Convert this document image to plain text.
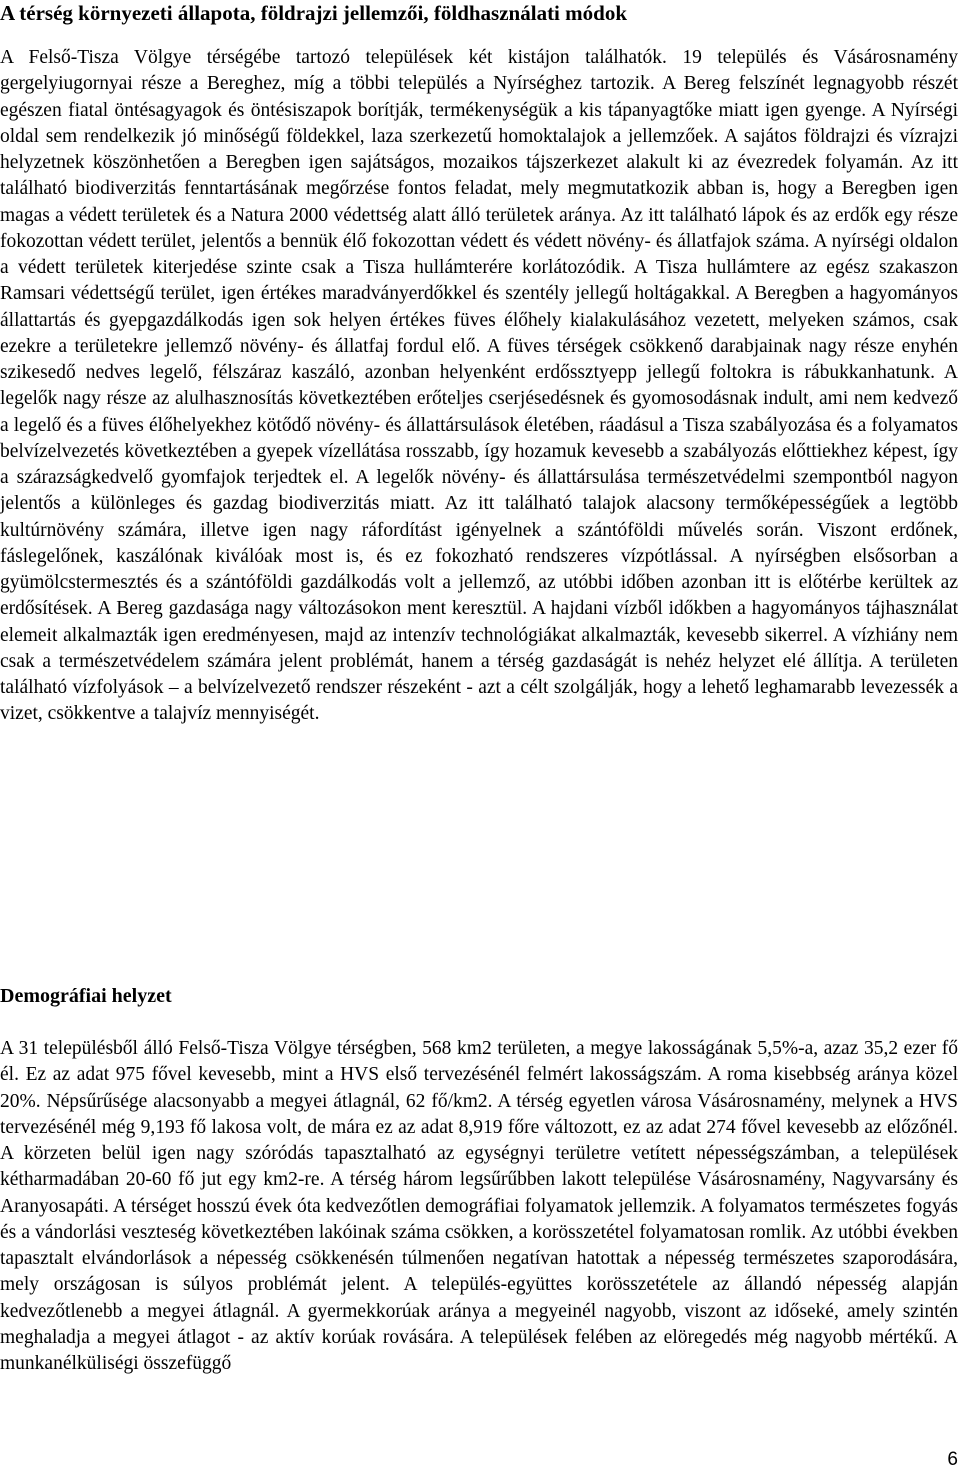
A térség környezeti állapota, földrajzi jellemzői, földhasználati módok

A Felső-Tisza Völgye térségébe tartozó települések két kistájon találhatók. 19 település és Vásárosnamény gergelyiugornyai része a Bereghez, míg a többi település a Nyírséghez tartozik. A Bereg felszínét legnagyobb részét egészen fiatal öntésagyagok és öntésiszapok borítják, termékenységük a kis tápanyagtőke miatt igen gyenge. A Nyírségi oldal sem rendelkezik jó minőségű földekkel, laza szerkezetű homoktalajok a jellemzőek. A sajátos földrajzi és vízrajzi helyzetnek köszönhetően a Beregben igen sajátságos, mozaikos tájszerkezet alakult ki az évezredek folyamán. Az itt található biodiverzitás fenntartásának megőrzése fontos feladat, mely megmutatkozik abban is, hogy a Beregben igen magas a védett területek és a Natura 2000 védettség alatt álló területek aránya. Az itt található lápok és az erdők egy része fokozottan védett terület, jelentős a bennük élő fokozottan védett és védett növény- és állatfajok száma. A nyírségi oldalon a védett területek kiterjedése szinte csak a Tisza hullámterére korlátozódik. A Tisza hullámtere az egész szakaszon Ramsari védettségű terület, igen értékes maradványerdőkkel és szentély jellegű holtágakkal. A Beregben a hagyományos állattartás és gyepgazdálkodás igen sok helyen értékes füves élőhely kialakulásához vezetett, melyeken számos, csak ezekre a területekre jellemző növény- és állatfaj fordul elő. A füves térségek csökkenő darabjainak nagy része enyhén szikesedő nedves legelő, félszáraz kaszáló, azonban helyenként erdőssztyepp jellegű foltokra is rábukkanhatunk. A legelők nagy része az alulhasznosítás következtében erőteljes cserjésedésnek és gyomosodásnak indult, ami nem kedvező a legelő és a füves élőhelyekhez kötődő növény- és állattársulások életében, ráadásul a Tisza szabályozása és a folyamatos belvízelvezetés következtében a gyepek vízellátása rosszabb, így hozamuk kevesebb a szabályozás előttiekhez képest, így a szárazságkedvelő gyomfajok terjedtek el. A legelők növény- és állattársulása természetvédelmi szempontból nagyon jelentős a különleges és gazdag biodiverzitás miatt. Az itt található talajok alacsony termőképességűek a legtöbb kultúrnövény számára, illetve igen nagy ráfordítást igényelnek a szántóföldi művelés során. Viszont erdőnek, fáslegelőnek, kaszálónak kiválóak most is, és ez fokozható rendszeres vízpótlással. A nyírségben elsősorban a gyümölcstermesztés és a szántóföldi gazdálkodás volt a jellemző, az utóbbi időben azonban itt is előtérbe kerültek az erdősítések. A Bereg gazdasága nagy változásokon ment keresztül. A hajdani vízből időkben a hagyományos tájhasználat elemeit alkalmazták igen eredményesen, majd az intenzív technológiákat alkalmazták, kevesebb sikerrel. A vízhiány nem csak a természetvédelem számára jelent problémát, hanem a térség gazdaságát is nehéz helyzet elé állítja. A területen található vízfolyások – a belvízelvezető rendszer részeként - azt a célt szolgálják, hogy a lehető leghamarabb levezessék a vizet, csökkentve a talajvíz mennyiségét.

Demográfiai helyzet

A 31 településből álló Felső-Tisza Völgye térségben, 568 km2 területen, a megye lakosságának 5,5%-a, azaz 35,2 ezer fő él. Ez az adat 975 fővel kevesebb, mint a HVS első tervezésénél felmért lakosságszám. A roma kisebbség aránya közel 20%. Népsűrűsége alacsonyabb a megyei átlagnál, 62 fő/km2. A térség egyetlen városa Vásárosnamény, melynek a HVS tervezésénél még 9,193 fő lakosa volt, de mára ez az adat 8,919 főre változott, ez az adat 274 fővel kevesebb az előzőnél. A körzeten belül igen nagy szóródás tapasztalható az egységnyi területre vetített népességszámban, a települések kétharmadában 20-60 fő jut egy km2-re. A térség három legsűrűbben lakott települése Vásárosnamény, Nagyvarsány és Aranyosapáti. A térséget hosszú évek óta kedvezőtlen demográfiai folyamatok jellemzik. A folyamatos természetes fogyás és a vándorlási veszteség következtében lakóinak száma csökken, a korösszetétel folyamatosan romlik. Az utóbbi években tapasztalt elvándorlások a népesség csökkenésén túlmenően negatívan hatottak a népesség természetes szaporodására, mely országosan is súlyos problémát jelent. A település-együttes korösszetétele az állandó népesség alapján kedvezőtlenebb a megyei átlagnál. A gyermekkorúak aránya a megyeinél nagyobb, viszont az időseké, amely szintén meghaladja a megyei átlagot - az aktív korúak rovására. A települések felében az elöregedés még nagyobb mértékű. A munkanélküliségi összefüggő

6
